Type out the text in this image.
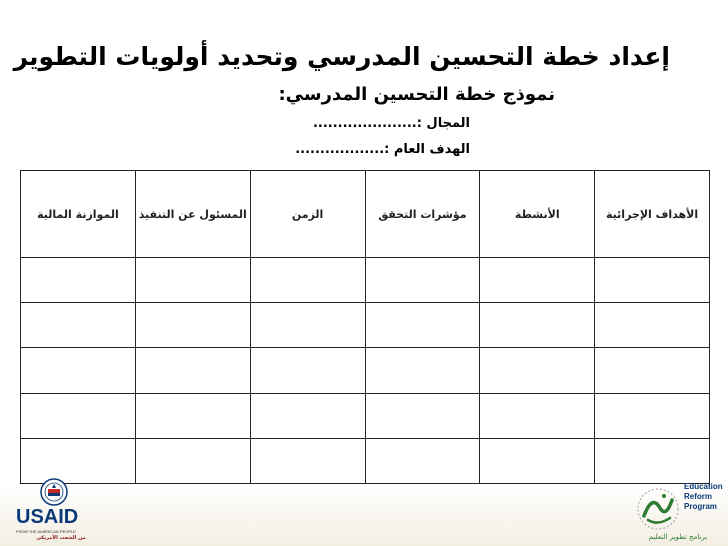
إعداد خطة التحسين المدرسي وتحديد أولويات التطوير
نموذج خطة التحسين المدرسي:
المجال :.....................
الهدف العام :..................
الأهداف الإجرائية	الأنشطة	مؤشرات التحقق	الزمن	المسئول عن التنفيذ	الموازنة المالية

USAID
FROM THE AMERICAN PEOPLE
من الشعب الأمريكي
Education
Reform
Program
برنامج تطوير التعليم
